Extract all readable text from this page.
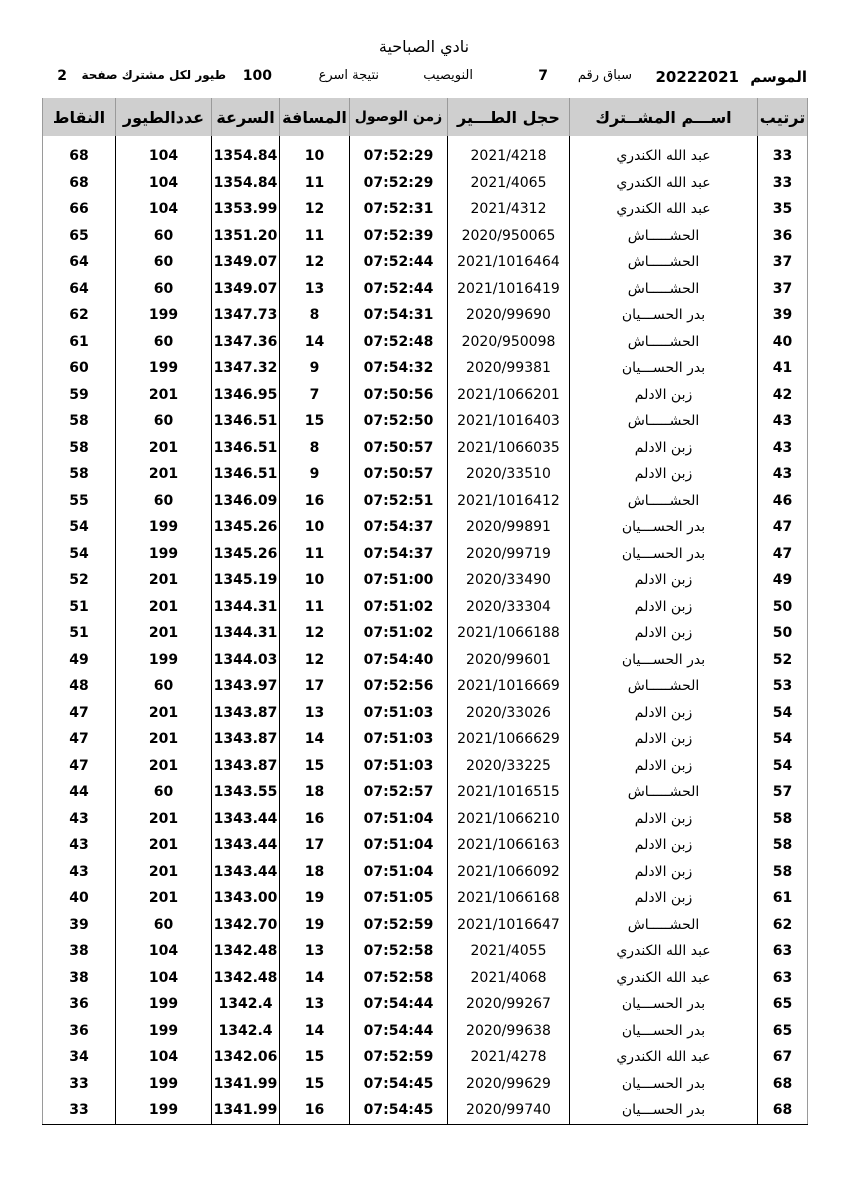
نادي الصباحية
الموسم
20222021
سباق رقم
7
النويصيب
نتيجة اسرع
100
طيور لكل مشترك صفحة
2
ترتيب	اســـم المشــترك	حجل الطـــير	زمن الوصول	المسافة	السرعة	عددالطيور	النقاط

33	عبد الله الكندري	2021/4218	07:52:29	10	1354.84	104	68
33	عبد الله الكندري	2021/4065	07:52:29	11	1354.84	104	68
35	عبد الله الكندري	2021/4312	07:52:31	12	1353.99	104	66
36	الحشـــــاش	2020/950065	07:52:39	11	1351.20	60	65
37	الحشـــــاش	2021/1016464	07:52:44	12	1349.07	60	64
37	الحشـــــاش	2021/1016419	07:52:44	13	1349.07	60	64
39	بدر الحســـيان	2020/99690	07:54:31	8	1347.73	199	62
40	الحشـــــاش	2020/950098	07:52:48	14	1347.36	60	61
41	بدر الحســـيان	2020/99381	07:54:32	9	1347.32	199	60
42	زبن الادلم	2021/1066201	07:50:56	7	1346.95	201	59
43	الحشـــــاش	2021/1016403	07:52:50	15	1346.51	60	58
43	زبن الادلم	2021/1066035	07:50:57	8	1346.51	201	58
43	زبن الادلم	2020/33510	07:50:57	9	1346.51	201	58
46	الحشـــــاش	2021/1016412	07:52:51	16	1346.09	60	55
47	بدر الحســـيان	2020/99891	07:54:37	10	1345.26	199	54
47	بدر الحســـيان	2020/99719	07:54:37	11	1345.26	199	54
49	زبن الادلم	2020/33490	07:51:00	10	1345.19	201	52
50	زبن الادلم	2020/33304	07:51:02	11	1344.31	201	51
50	زبن الادلم	2021/1066188	07:51:02	12	1344.31	201	51
52	بدر الحســـيان	2020/99601	07:54:40	12	1344.03	199	49
53	الحشـــــاش	2021/1016669	07:52:56	17	1343.97	60	48
54	زبن الادلم	2020/33026	07:51:03	13	1343.87	201	47
54	زبن الادلم	2021/1066629	07:51:03	14	1343.87	201	47
54	زبن الادلم	2020/33225	07:51:03	15	1343.87	201	47
57	الحشـــــاش	2021/1016515	07:52:57	18	1343.55	60	44
58	زبن الادلم	2021/1066210	07:51:04	16	1343.44	201	43
58	زبن الادلم	2021/1066163	07:51:04	17	1343.44	201	43
58	زبن الادلم	2021/1066092	07:51:04	18	1343.44	201	43
61	زبن الادلم	2021/1066168	07:51:05	19	1343.00	201	40
62	الحشـــــاش	2021/1016647	07:52:59	19	1342.70	60	39
63	عبد الله الكندري	2021/4055	07:52:58	13	1342.48	104	38
63	عبد الله الكندري	2021/4068	07:52:58	14	1342.48	104	38
65	بدر الحســـيان	2020/99267	07:54:44	13	1342.4	199	36
65	بدر الحســـيان	2020/99638	07:54:44	14	1342.4	199	36
67	عبد الله الكندري	2021/4278	07:52:59	15	1342.06	104	34
68	بدر الحســـيان	2020/99629	07:54:45	15	1341.99	199	33
68	بدر الحســـيان	2020/99740	07:54:45	16	1341.99	199	33
